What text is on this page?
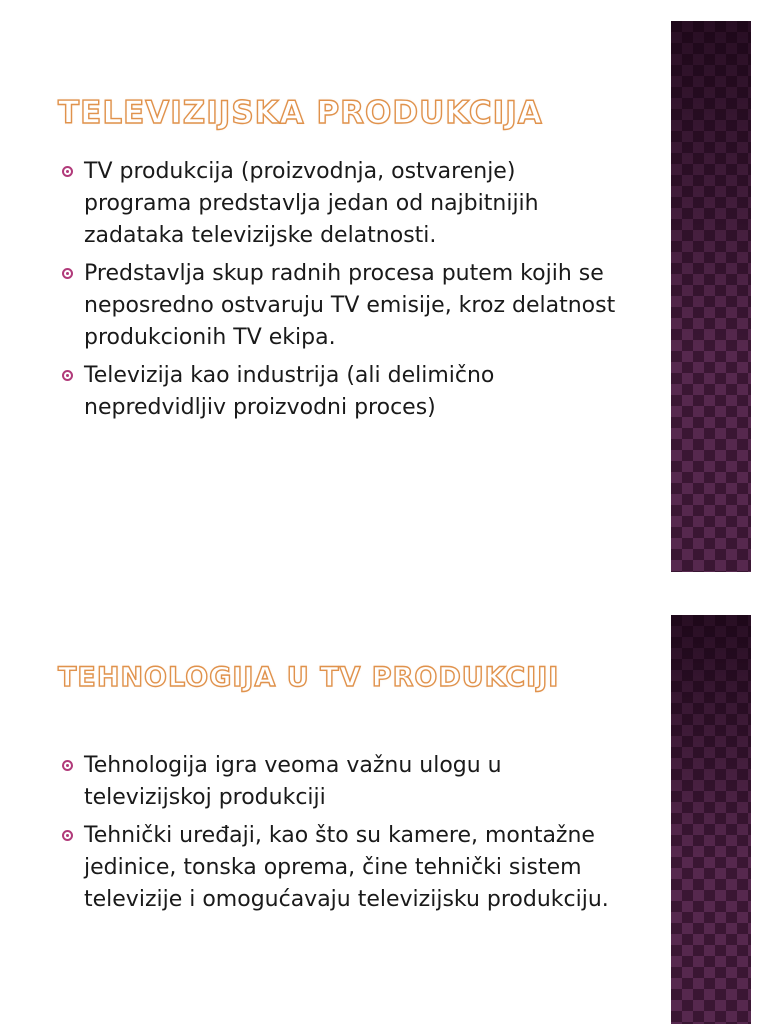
TELEVIZIJSKA PRODUKCIJA
TV produkcija (proizvodnja, ostvarenje) programa predstavlja jedan od najbitnijih zadataka televizijske delatnosti.
Predstavlja skup radnih procesa putem kojih se neposredno ostvaruju TV emisije, kroz delatnost produkcionih TV ekipa.
Televizija kao industrija (ali delimično nepredvidljiv proizvodni proces)
TEHNOLOGIJA U TV PRODUKCIJI
Tehnologija igra veoma važnu ulogu u televizijskoj produkciji
Tehnički uređaji, kao što su kamere, montažne jedinice, tonska oprema, čine tehnički sistem televizije i omogućavaju televizijsku produkciju.
